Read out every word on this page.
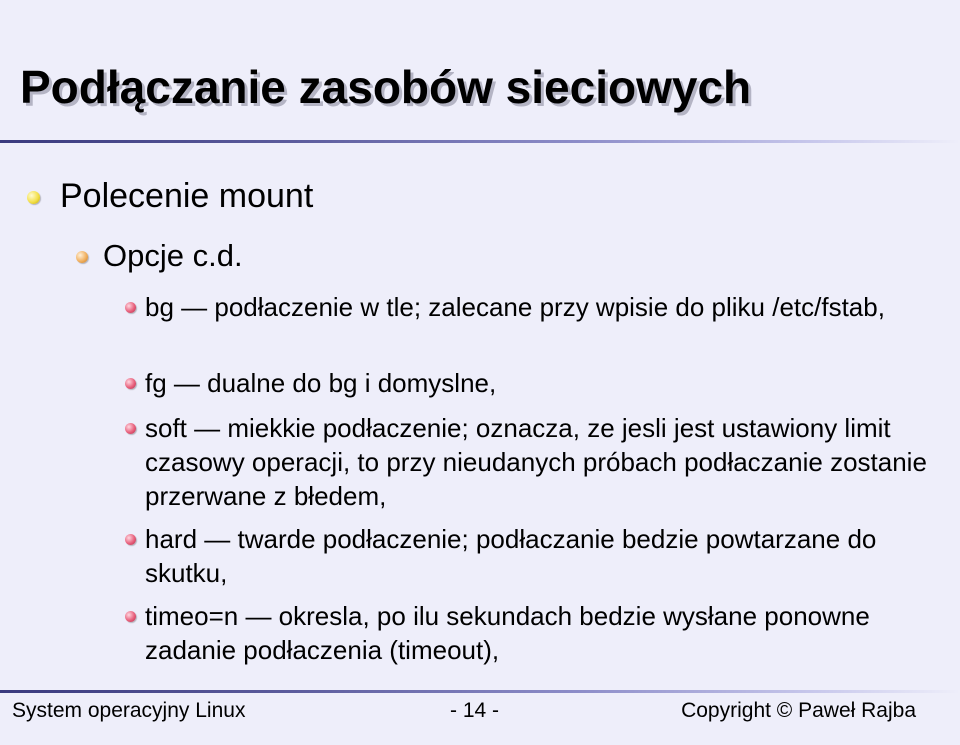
Podłączanie zasobów sieciowych

Polecenie mount

Opcje c.d.

bg — podłaczenie w tle; zalecane przy wpisie do pliku /etc/fstab,

fg — dualne do bg i domyslne,

soft — miekkie podłaczenie; oznacza, ze jesli jest ustawiony limit czasowy operacji, to przy nieudanych próbach podłaczanie zostanie przerwane z błedem,

hard — twarde podłaczenie; podłaczanie bedzie powtarzane do skutku,

timeo=n — okresla, po ilu sekundach bedzie wysłane ponowne zadanie podłaczenia (timeout),

System operacyjny Linux	- 14 -	Copyright © Paweł Rajba
